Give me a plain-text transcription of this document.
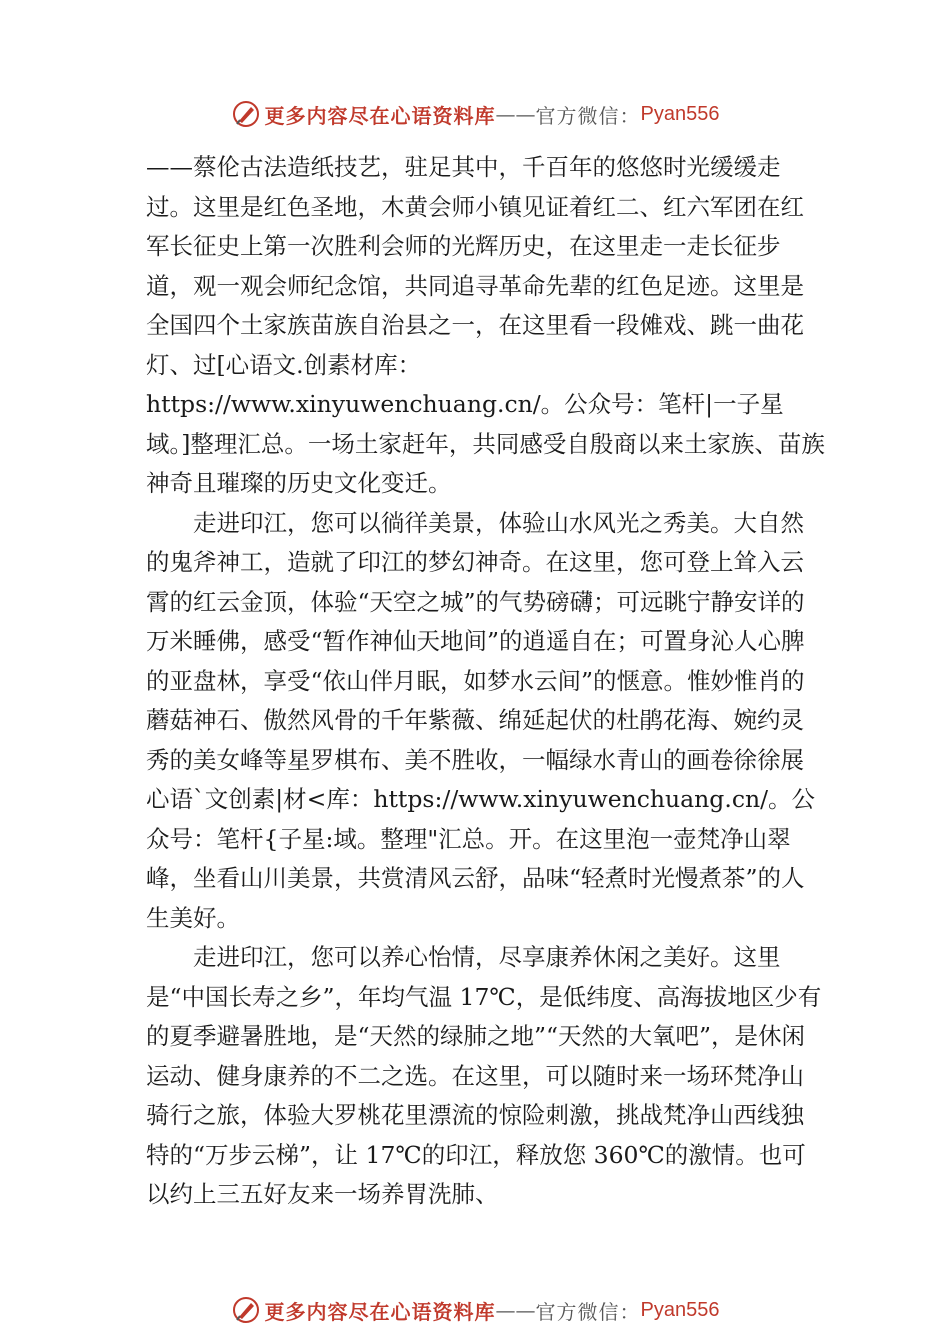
更多内容尽在心语资料库 —— 官方微信： Pyan556

——蔡伦古法造纸技艺，驻足其中，千百年的悠悠时光缓缓走过。这里是红色圣地，木黄会师小镇见证着红二、红六军团在红军长征史上第一次胜利会师的光辉历史，在这里走一走长征步道，观一观会师纪念馆，共同追寻革命先辈的红色足迹。这里是全国四个土家族苗族自治县之一，在这里看一段傩戏、跳一曲花灯、过[心语文.创素材库：https://www.xinyuwenchuang.cn/。公众号：笔杆|一子星域。]整理汇总。一场土家赶年，共同感受自殷商以来土家族、苗族神奇且璀璨的历史文化变迁。

走进印江，您可以徜徉美景，体验山水风光之秀美。大自然的鬼斧神工，造就了印江的梦幻神奇。在这里，您可登上耸入云霄的红云金顶，体验“天空之城”的气势磅礴；可远眺宁静安详的万米睡佛，感受“暂作神仙天地间”的逍遥自在；可置身沁人心脾的亚盘林，享受“依山伴月眠，如梦水云间”的惬意。惟妙惟肖的蘑菇神石、傲然风骨的千年紫薇、绵延起伏的杜鹃花海、婉约灵秀的美女峰等星罗棋布、美不胜收，一幅绿水青山的画卷徐徐展心语`文创素|材<库：https://www.xinyuwenchuang.cn/。公众号：笔杆{子星:域。整理"汇总。开。在这里泡一壶梵净山翠峰，坐看山川美景，共赏清风云舒，品味“轻煮时光慢煮茶”的人生美好。

走进印江，您可以养心怡情，尽享康养休闲之美好。这里是“中国长寿之乡”，年均气温 17℃，是低纬度、高海拔地区少有的夏季避暑胜地，是“天然的绿肺之地”“天然的大氧吧”，是休闲运动、健身康养的不二之选。在这里，可以随时来一场环梵净山骑行之旅，体验大罗桃花里漂流的惊险刺激，挑战梵净山西线独特的“万步云梯”，让 17℃的印江，释放您 360℃的激情。也可以约上三五好友来一场养胃洗肺、

更多内容尽在心语资料库 —— 官方微信： Pyan556
